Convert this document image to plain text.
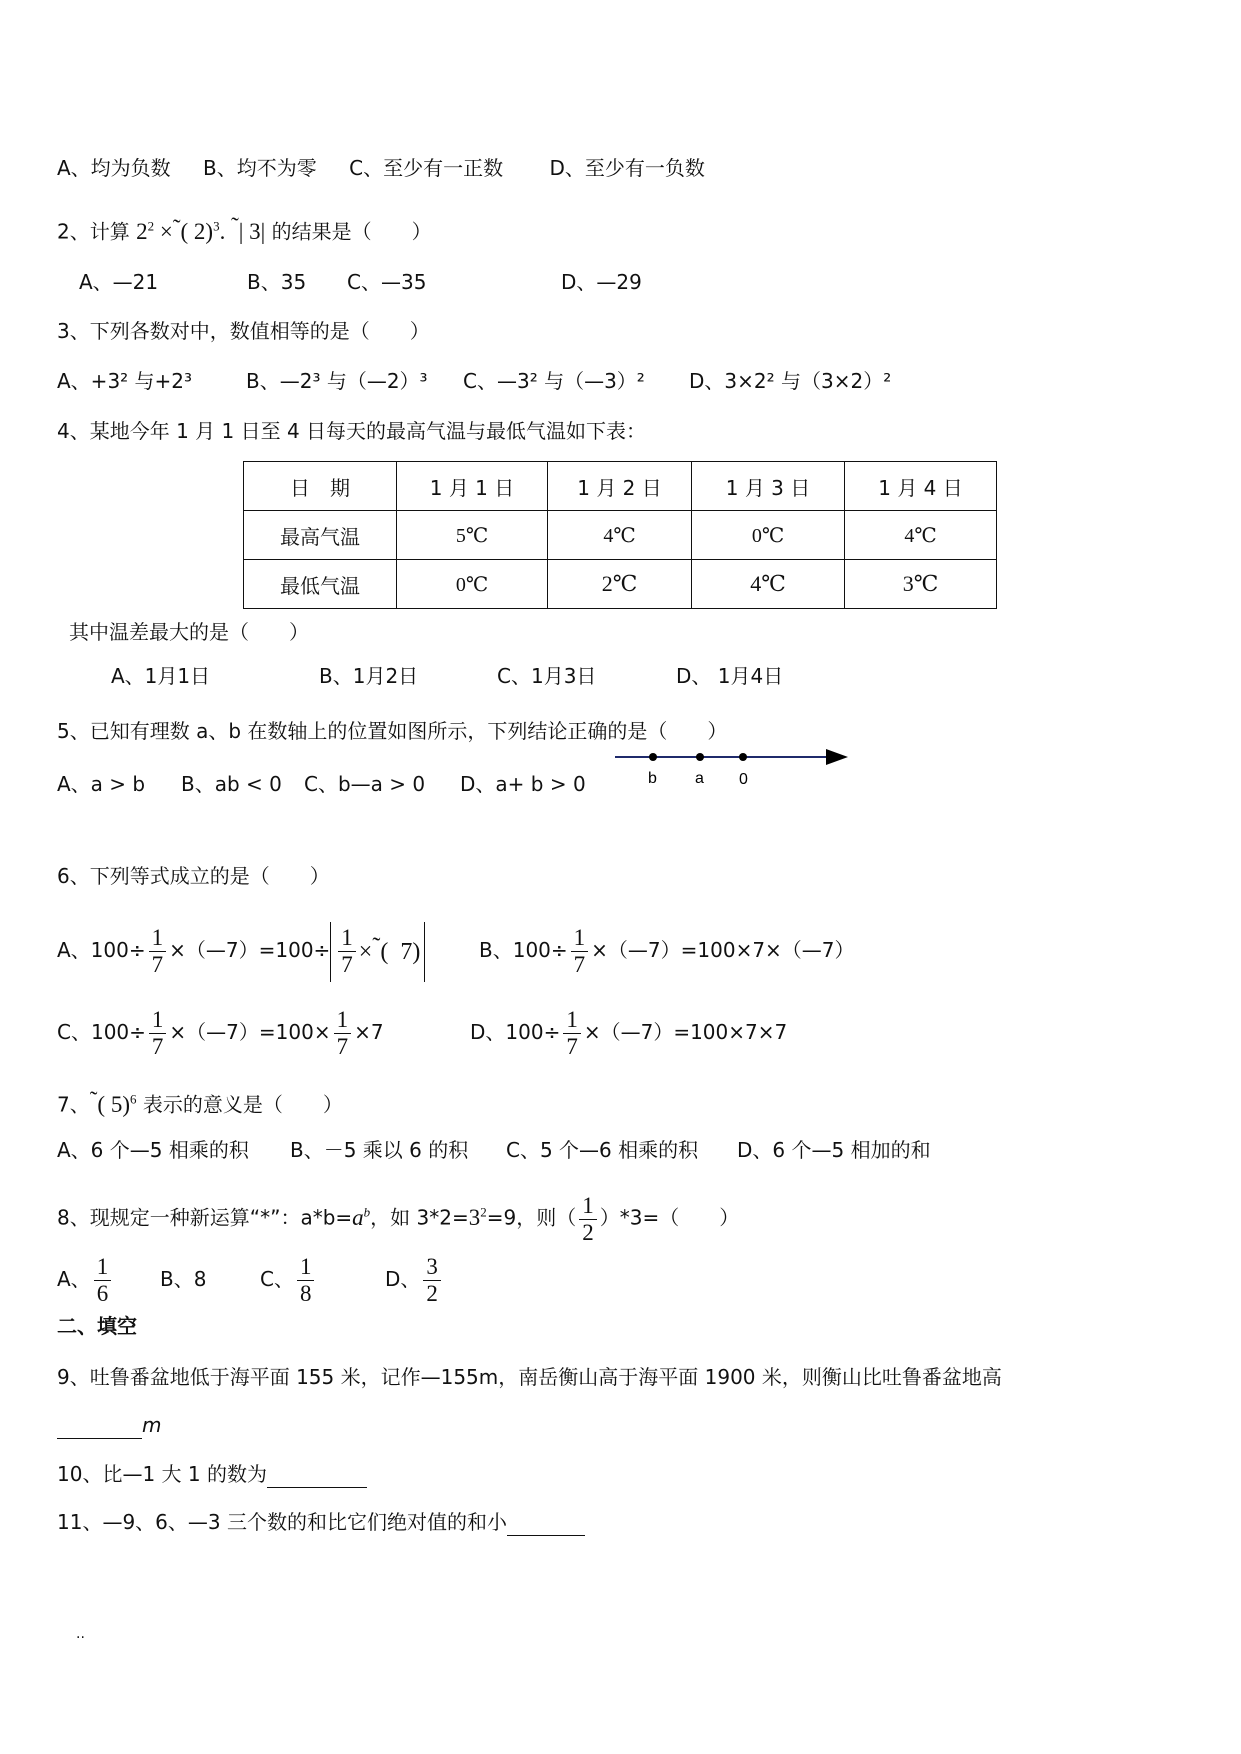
A、均为负数 B、均不为零 C、至少有一正数 D、至少有一负数
2、计算 $2^2$ ×˜( 2)$^3$. ˜| 3| 的结果是（　　）
A、—21	B、35 C、—35	D、—29
3、下列各数对中，数值相等的是（　　）
A、+3² 与+2³	B、—2³ 与（—2）³ C、—3² 与（—3）² D、3×2² 与（3×2）²
4、某地今年 1 月 1 日至 4 日每天的最高气温与最低气温如下表：
日　期	1 月 1 日	1 月 2 日	1 月 3 日	1 月 4 日
最高气温	5℃	4℃	0℃	4℃
最低气温	0℃	2℃	4℃	3℃
其中温差最大的是（　　）
A、1月1日	B、1月2日	C、1月3日	D、 1月4日
5、已知有理数 a、b 在数轴上的位置如图所示，下列结论正确的是（　　）
A、a > b B、ab < 0 C、b—a > 0 D、a+ b > 0	b a 0
6、下列等式成立的是（　　）
A、$100\div \frac{1}{7}$ ×（—7）=100÷ $\frac{1}{7}$ × ˜ (  7)	B、$100\div \frac{1}{7}$ ×（—7）=100×7×（—7）
C、$100\div \frac{1}{7}$ ×（—7）=100× $\frac{1}{7} \times 7$	D、$100\div \frac{1}{7}$ ×（—7）=100×7×7
7、˜( 5)$^6$ 表示的意义是（　　）
A、6 个—5 相乘的积 B、－5 乘以 6 的积 C、5 个—6 相乘的积 D、6 个—5 相加的和
8、现规定一种新运算“*”：$a*b=a^b$，如 $3*2=3^2=9$，则（ $\frac{1}{2} )*3=$（　　）
A、 $\frac{1}{6}$ B、8	C、 $\frac{1}{8}$	D、 $\frac{3}{2}$
二、填空
9、吐鲁番盆地低于海平面 155 米，记作—155m，南岳衡山高于海平面 1900 米，则衡山比吐鲁番盆地高
m
10、比—1 大 1 的数为
11、—9、6、—3 三个数的和比它们绝对值的和小
..
